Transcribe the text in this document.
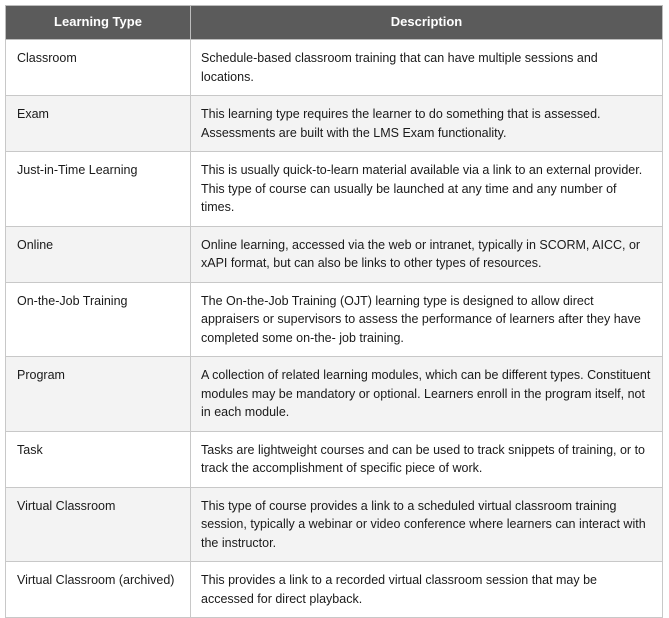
Learning Type	Description
Classroom	Schedule-based classroom training that can have multiple sessions and locations.
Exam	This learning type requires the learner to do something that is assessed. Assessments are built with the LMS Exam functionality.
Just-in-Time Learning	This is usually quick-to-learn material available via a link to an external provider. This type of course can usually be launched at any time and any number of times.
Online	Online learning, accessed via the web or intranet, typically in SCORM, AICC, or xAPI format, but can also be links to other types of resources.
On-the-Job Training	The On-the-Job Training (OJT) learning type is designed to allow direct appraisers or supervisors to assess the performance of learners after they have completed some on-the- job training.
Program	A collection of related learning modules, which can be different types. Constituent modules may be mandatory or optional. Learners enroll in the program itself, not in each module.
Task	Tasks are lightweight courses and can be used to track snippets of training, or to track the accomplishment of specific piece of work.
Virtual Classroom	This type of course provides a link to a scheduled virtual classroom training session, typically a webinar or video conference where learners can interact with the instructor.
Virtual Classroom (archived)	This provides a link to a recorded virtual classroom session that may be accessed for direct playback.
